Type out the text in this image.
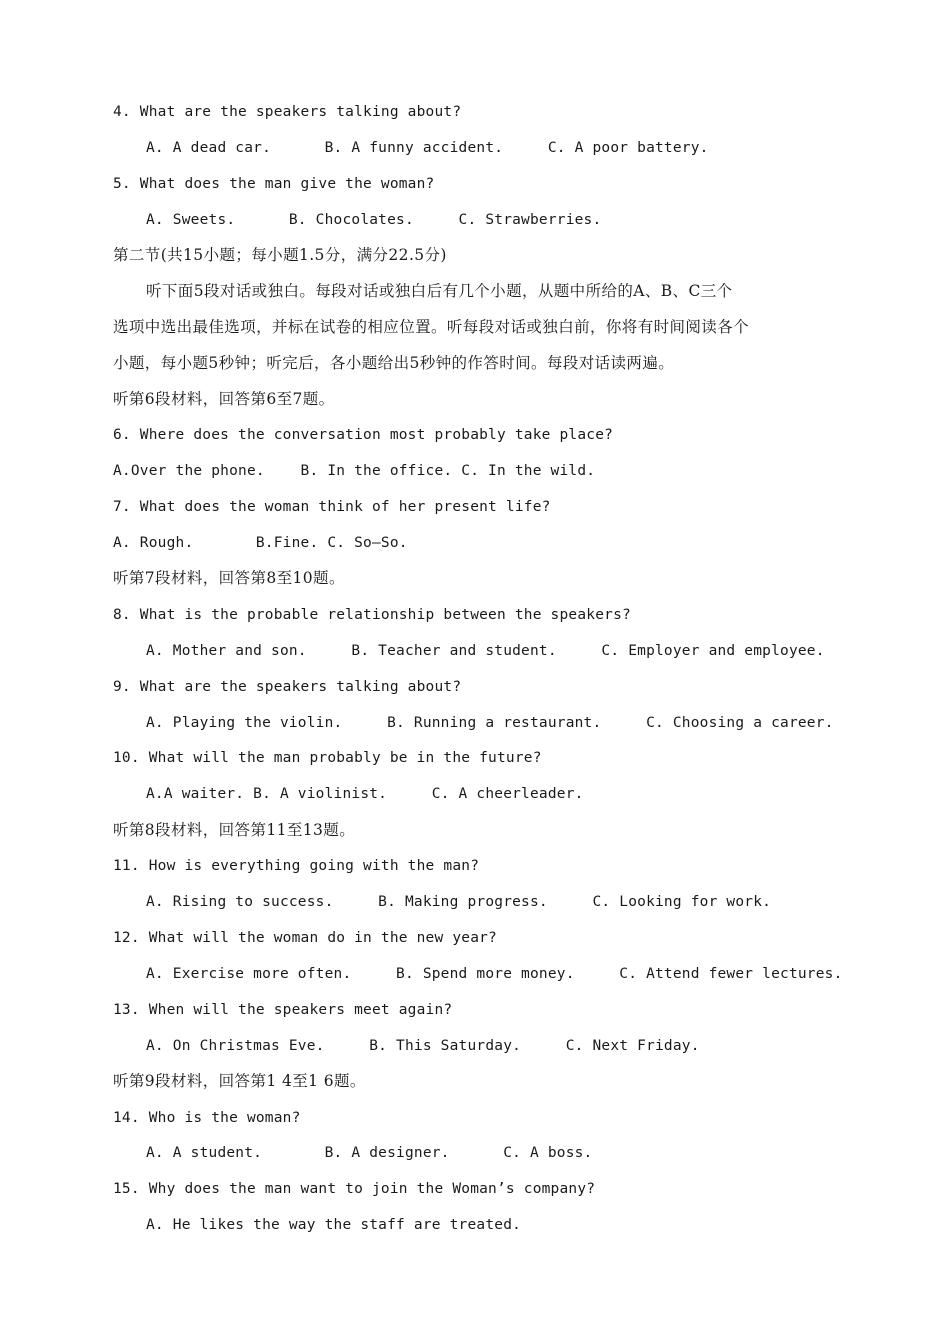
4. What are the speakers talking about?
A. A dead car.      B. A funny accident.     C. A poor battery.
5. What does the man give the woman?
A. Sweets.      B. Chocolates.     C. Strawberries.
第二节(共15小题；每小题1.5分，满分22.5分)
听下面5段对话或独白。每段对话或独白后有几个小题，从题中所给的A、B、C三个
选项中选出最佳选项，并标在试卷的相应位置。听每段对话或独白前，你将有时间阅读各个
小题，每小题5秒钟；听完后，各小题给出5秒钟的作答时间。每段对话读两遍。
听第6段材料，回答第6至7题。
6. Where does the conversation most probably take place?
A.Over the phone.    B. In the office. C. In the wild.
7. What does the woman think of her present life?
A. Rough.       B.Fine. C. So—So.
听第7段材料，回答第8至10题。
8. What is the probable relationship between the speakers?
A. Mother and son.     B. Teacher and student.     C. Employer and employee.
9. What are the speakers talking about?
A. Playing the violin.     B. Running a restaurant.     C. Choosing a career.
10. What will the man probably be in the future?
A.A waiter. B. A violinist.     C. A cheerleader.
听第8段材料，回答第11至13题。
11. How is everything going with the man?
A. Rising to success.     B. Making progress.     C. Looking for work.
12. What will the woman do in the new year?
A. Exercise more often.     B. Spend more money.     C. Attend fewer lectures.
13. When will the speakers meet again?
A. On Christmas Eve.     B. This Saturday.     C. Next Friday.
听第9段材料，回答第1 4至1 6题。
14. Who is the woman?
A. A student.       B. A designer.      C. A boss.
15. Why does the man want to join the Woman’s company?
A. He likes the way the staff are treated.
